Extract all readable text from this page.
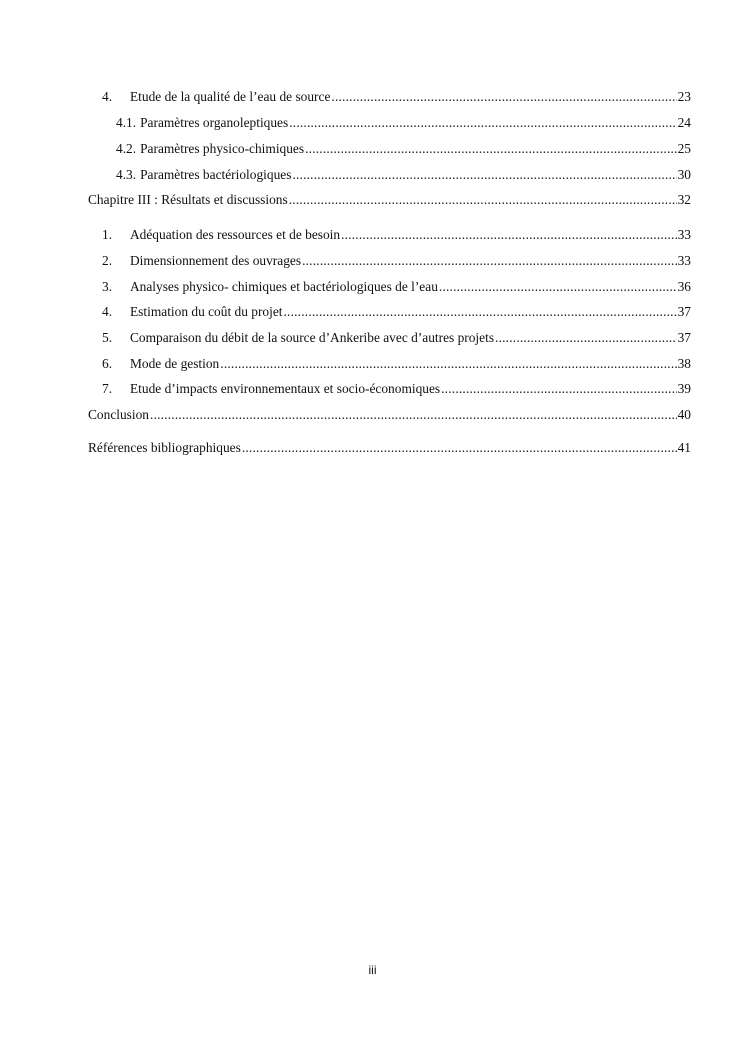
4.	Etude de la qualité de l’eau de source .....	23
4.1. Paramètres organoleptiques .....	24
4.2. Paramètres physico-chimiques .....	25
4.3. Paramètres bactériologiques .....	30
Chapitre III : Résultats et discussions .....	32
1.	Adéquation des ressources et de besoin .....	33
2.	Dimensionnement des ouvrages .....	33
3.	Analyses physico- chimiques et bactériologiques de l’eau .....	36
4.	Estimation du coût du projet .....	37
5.	Comparaison du débit de la source d’Ankeribe avec d’autres projets .....	37
6.	Mode de gestion .....	38
7.	Etude d’impacts environnementaux et socio-économiques .....	39
Conclusion .....	40
Références bibliographiques .....	41
iii
